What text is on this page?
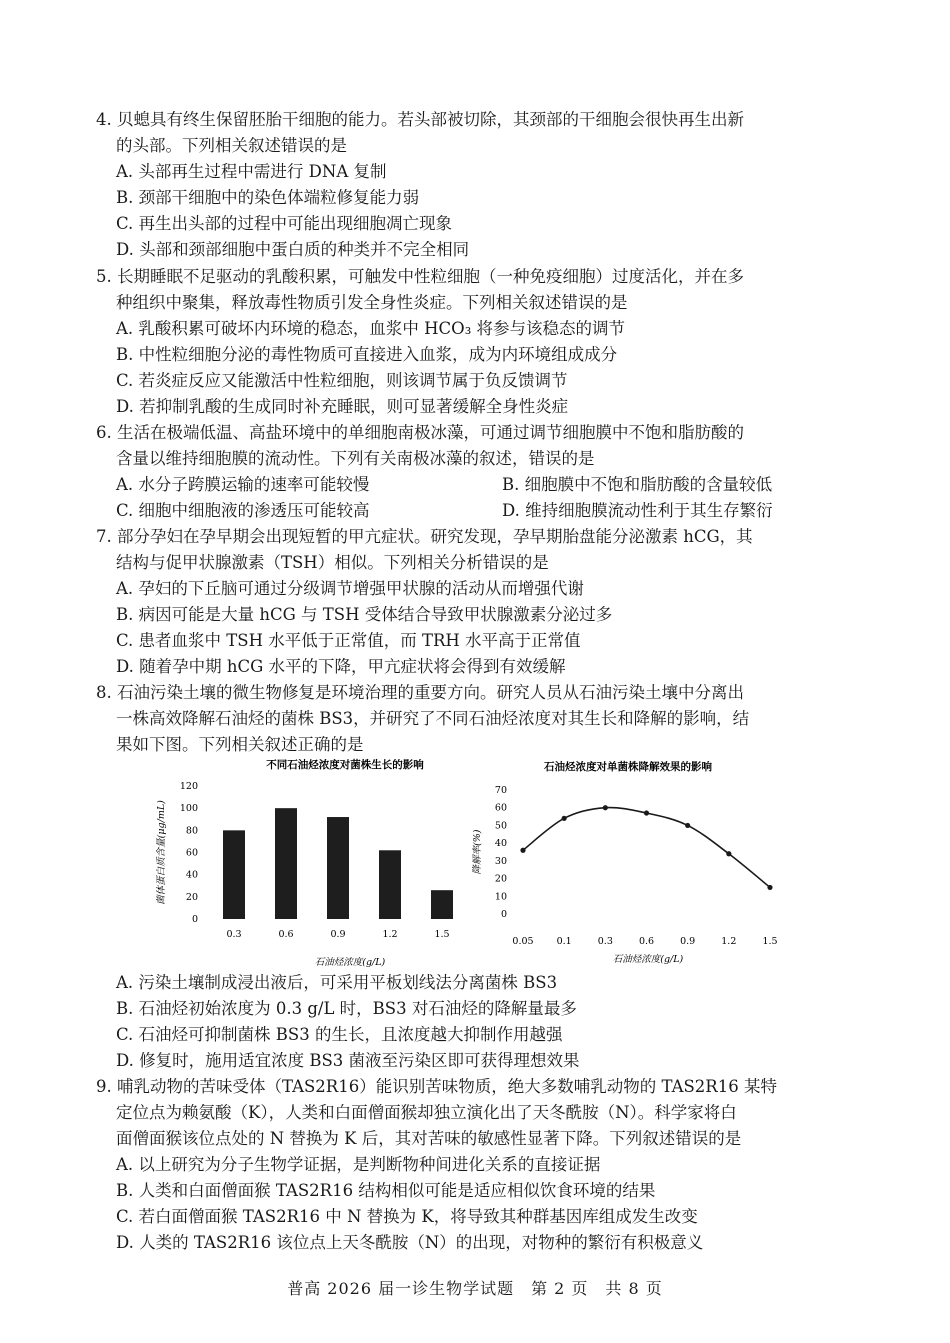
4. 贝螅具有终生保留胚胎干细胞的能力。若头部被切除，其颈部的干细胞会很快再生出新
的头部。下列相关叙述错误的是
A. 头部再生过程中需进行 DNA 复制
B. 颈部干细胞中的染色体端粒修复能力弱
C. 再生出头部的过程中可能出现细胞凋亡现象
D. 头部和颈部细胞中蛋白质的种类并不完全相同
5. 长期睡眠不足驱动的乳酸积累，可触发中性粒细胞（一种免疫细胞）过度活化，并在多
种组织中聚集，释放毒性物质引发全身性炎症。下列相关叙述错误的是
A. 乳酸积累可破坏内环境的稳态，血浆中 HCO₃ 将参与该稳态的调节
B. 中性粒细胞分泌的毒性物质可直接进入血浆，成为内环境组成成分
C. 若炎症反应又能激活中性粒细胞，则该调节属于负反馈调节
D. 若抑制乳酸的生成同时补充睡眠，则可显著缓解全身性炎症
6. 生活在极端低温、高盐环境中的单细胞南极冰藻，可通过调节细胞膜中不饱和脂肪酸的
含量以维持细胞膜的流动性。下列有关南极冰藻的叙述，错误的是
A. 水分子跨膜运输的速率可能较慢	B. 细胞膜中不饱和脂肪酸的含量较低
C. 细胞中细胞液的渗透压可能较高	D. 维持细胞膜流动性利于其生存繁衍
7. 部分孕妇在孕早期会出现短暂的甲亢症状。研究发现，孕早期胎盘能分泌激素 hCG，其
结构与促甲状腺激素（TSH）相似。下列相关分析错误的是
A. 孕妇的下丘脑可通过分级调节增强甲状腺的活动从而增强代谢
B. 病因可能是大量 hCG 与 TSH 受体结合导致甲状腺激素分泌过多
C. 患者血浆中 TSH 水平低于正常值，而 TRH 水平高于正常值
D. 随着孕中期 hCG 水平的下降，甲亢症状将会得到有效缓解
8. 石油污染土壤的微生物修复是环境治理的重要方向。研究人员从石油污染土壤中分离出
一株高效降解石油烃的菌株 BS3，并研究了不同石油烃浓度对其生长和降解的影响，结
果如下图。下列相关叙述正确的是
不同石油烃浓度对菌株生长的影响
菌体蛋白质含量(μg/mL)
0
20
40
60
80
100
120
0.3	0.6	0.9	1.2	1.5
石油烃浓度(g/L)
石油烃浓度对单菌株降解效果的影响
降解率(%)
0
10
20
30
40
50
60
70
0.05 0.1	0.3	0.6	0.9	1.2	1.5
石油烃浓度(g/L)
A. 污染土壤制成浸出液后，可采用平板划线法分离菌株 BS3
B. 石油烃初始浓度为 0.3 g/L 时，BS3 对石油烃的降解量最多
C. 石油烃可抑制菌株 BS3 的生长，且浓度越大抑制作用越强
D. 修复时，施用适宜浓度 BS3 菌液至污染区即可获得理想效果
9. 哺乳动物的苦味受体（TAS2R16）能识别苦味物质，绝大多数哺乳动物的 TAS2R16 某特
定位点为赖氨酸（K），人类和白面僧面猴却独立演化出了天冬酰胺（N）。科学家将白
面僧面猴该位点处的 N 替换为 K 后，其对苦味的敏感性显著下降。下列叙述错误的是
A. 以上研究为分子生物学证据，是判断物种间进化关系的直接证据
B. 人类和白面僧面猴 TAS2R16 结构相似可能是适应相似饮食环境的结果
C. 若白面僧面猴 TAS2R16 中 N 替换为 K，将导致其种群基因库组成发生改变
D. 人类的 TAS2R16 该位点上天冬酰胺（N）的出现，对物种的繁衍有积极意义
普高 2026 届一诊生物学试题　第 2 页　共 8 页
